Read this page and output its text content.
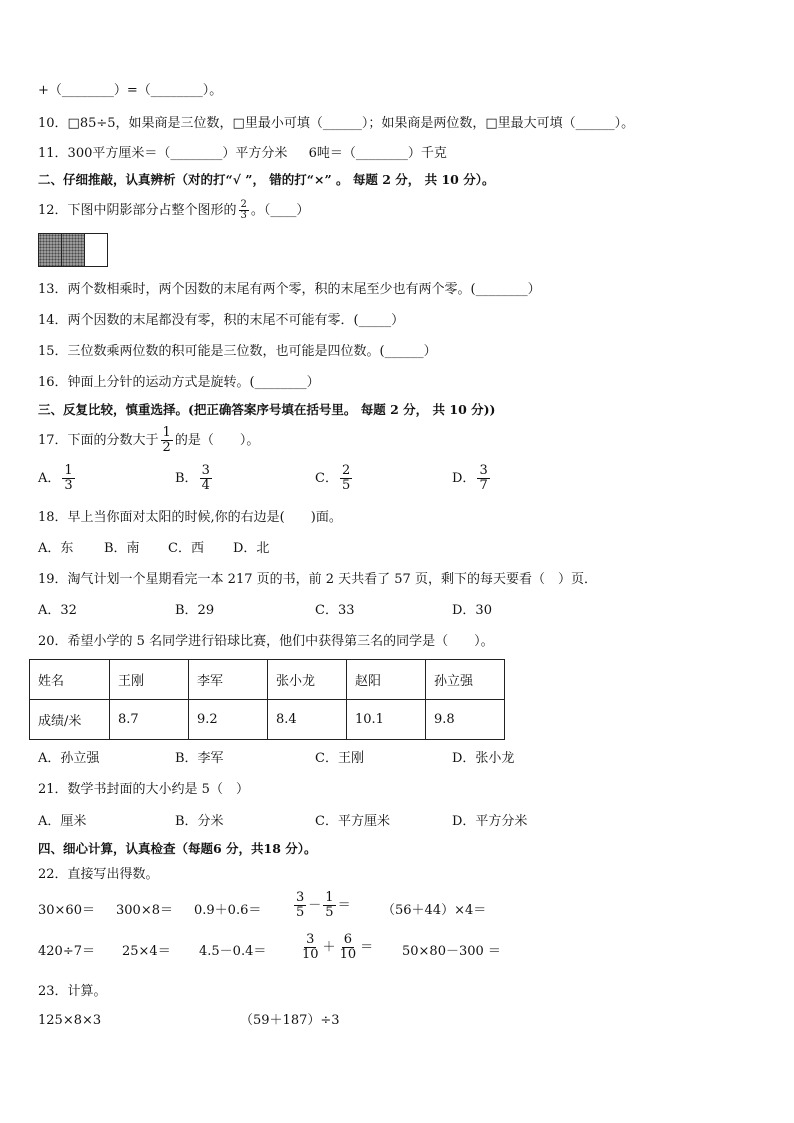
+（________）=（________）。
10．□85÷5，如果商是三位数，□里最小可填（______）；如果商是两位数，□里最大可填（______）。
11．300平方厘米＝（________）平方分米 　 6吨＝（________）千克
二、仔细推敲，认真辨析（对的打“√ ”， 错的打“×” 。 每题 2 分， 共 10 分）。
12．下图中阴影部分占整个图形的 $\frac{2}{3}$ 。（____）
13．两个数相乘时，两个因数的末尾有两个零，积的末尾至少也有两个零。(________）
14．两个因数的末尾都没有零，积的末尾不可能有零．(_____）
15．三位数乘两位数的积可能是三位数，也可能是四位数。(______）
16．钟面上分针的运动方式是旋转。(________）
三、反复比较，慎重选择。(把正确答案序号填在括号里。 每题 2 分， 共 10 分))
17．下面的分数大于 $\frac{1}{2}$ 的是（　　）。
A． $\frac{1}{3}$	B． $\frac{3}{4}$	C． $\frac{2}{5}$	D． $\frac{3}{7}$
18．早上当你面对太阳的时候,你的右边是(　　)面。
A．东 B．南 C．西 D．北
19．淘气计划一个星期看完一本 217 页的书，前 2 天共看了 57 页，剩下的每天要看（　）页．
A．32	B．29	C．33	D．30
20．希望小学的 5 名同学进行铅球比赛，他们中获得第三名的同学是（　　）。
姓名	王刚	李军	张小龙	赵阳	孙立强
成绩/米	8.7	9.2	8.4	10.1	9.8
A．孙立强	B．李军	C．王刚	D．张小龙
21．数学书封面的大小约是 5（　）
A．厘米	B．分米	C．平方厘米	D．平方分米
四、细心计算，认真检查（每题6 分，共18 分）。
22．直接写出得数。
30×60＝ 300×8＝ 0.9＋0.6＝	$\frac{3}{5} - \frac{1}{5} = (56+44)\times 4=$
420÷7＝ 25×4＝ 4.5－0.4＝	$\frac{3}{10} + \frac{6}{10} = 50\times 80-300$ ＝
23．计算。
125×8×3	（59＋187）÷3
